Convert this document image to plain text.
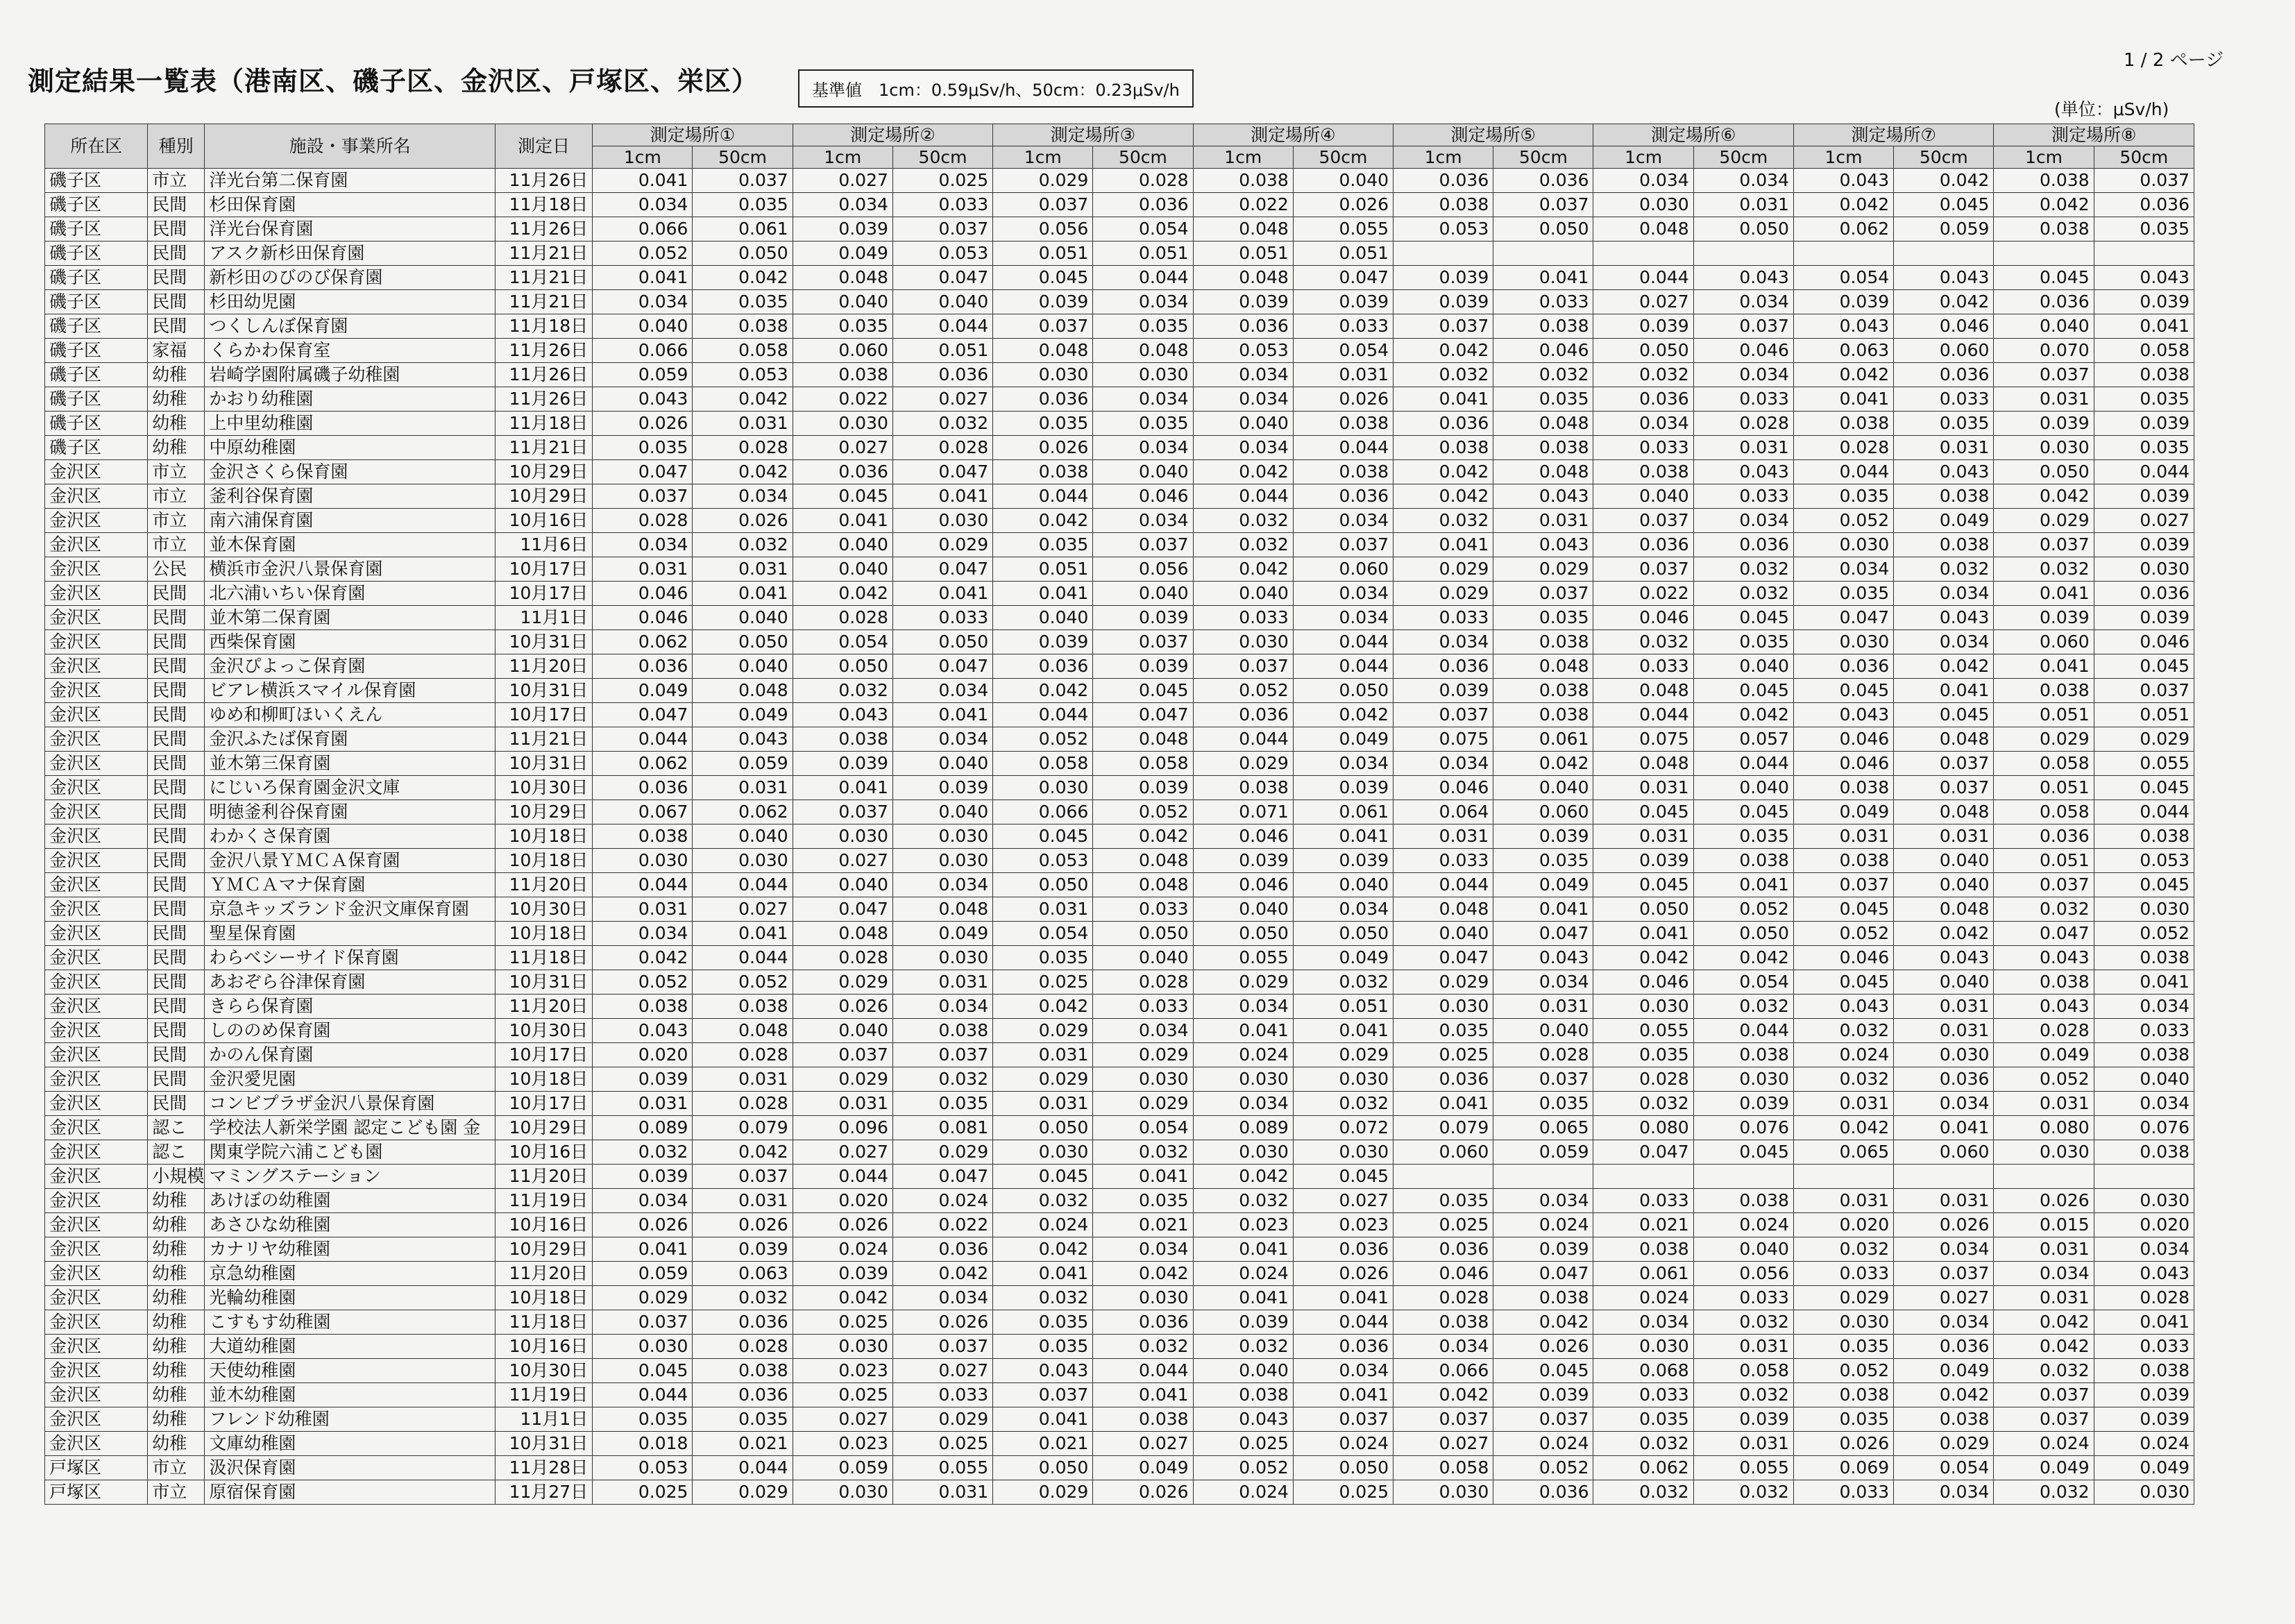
測定結果一覧表（港南区、磯子区、金沢区、戸塚区、栄区）	基準値　1cm：0.59μSv/h、50cm：0.23μSv/h
1 / 2 ページ
(単位：μSv/h)
所在区	種別	施設・事業所名	測定日	測定場所①		測定場所②		測定場所③		測定場所④		測定場所⑤		測定場所⑥		測定場所⑦		測定場所⑧	
				1cm	50cm	1cm	50cm	1cm	50cm	1cm	50cm	1cm	50cm	1cm	50cm	1cm	50cm	1cm	50cm
磯子区	市立	洋光台第二保育園	11月26日	0.041	0.037	0.027	0.025	0.029	0.028	0.038	0.040	0.036	0.036	0.034	0.034	0.043	0.042	0.038	0.037
磯子区	民間	杉田保育園	11月18日	0.034	0.035	0.034	0.033	0.037	0.036	0.022	0.026	0.038	0.037	0.030	0.031	0.042	0.045	0.042	0.036
磯子区	民間	洋光台保育園	11月26日	0.066	0.061	0.039	0.037	0.056	0.054	0.048	0.055	0.053	0.050	0.048	0.050	0.062	0.059	0.038	0.035
磯子区	民間	アスク新杉田保育園	11月21日	0.052	0.050	0.049	0.053	0.051	0.051	0.051	0.051								
磯子区	民間	新杉田のびのび保育園	11月21日	0.041	0.042	0.048	0.047	0.045	0.044	0.048	0.047	0.039	0.041	0.044	0.043	0.054	0.043	0.045	0.043
磯子区	民間	杉田幼児園	11月21日	0.034	0.035	0.040	0.040	0.039	0.034	0.039	0.039	0.039	0.033	0.027	0.034	0.039	0.042	0.036	0.039
磯子区	民間	つくしんぼ保育園	11月18日	0.040	0.038	0.035	0.044	0.037	0.035	0.036	0.033	0.037	0.038	0.039	0.037	0.043	0.046	0.040	0.041
磯子区	家福	くらかわ保育室	11月26日	0.066	0.058	0.060	0.051	0.048	0.048	0.053	0.054	0.042	0.046	0.050	0.046	0.063	0.060	0.070	0.058
磯子区	幼稚	岩崎学園附属磯子幼稚園	11月26日	0.059	0.053	0.038	0.036	0.030	0.030	0.034	0.031	0.032	0.032	0.032	0.034	0.042	0.036	0.037	0.038
磯子区	幼稚	かおり幼稚園	11月26日	0.043	0.042	0.022	0.027	0.036	0.034	0.034	0.026	0.041	0.035	0.036	0.033	0.041	0.033	0.031	0.035
磯子区	幼稚	上中里幼稚園	11月18日	0.026	0.031	0.030	0.032	0.035	0.035	0.040	0.038	0.036	0.048	0.034	0.028	0.038	0.035	0.039	0.039
磯子区	幼稚	中原幼稚園	11月21日	0.035	0.028	0.027	0.028	0.026	0.034	0.034	0.044	0.038	0.038	0.033	0.031	0.028	0.031	0.030	0.035
金沢区	市立	金沢さくら保育園	10月29日	0.047	0.042	0.036	0.047	0.038	0.040	0.042	0.038	0.042	0.048	0.038	0.043	0.044	0.043	0.050	0.044
金沢区	市立	釜利谷保育園	10月29日	0.037	0.034	0.045	0.041	0.044	0.046	0.044	0.036	0.042	0.043	0.040	0.033	0.035	0.038	0.042	0.039
金沢区	市立	南六浦保育園	10月16日	0.028	0.026	0.041	0.030	0.042	0.034	0.032	0.034	0.032	0.031	0.037	0.034	0.052	0.049	0.029	0.027
金沢区	市立	並木保育園	11月6日	0.034	0.032	0.040	0.029	0.035	0.037	0.032	0.037	0.041	0.043	0.036	0.036	0.030	0.038	0.037	0.039
金沢区	公民	横浜市金沢八景保育園	10月17日	0.031	0.031	0.040	0.047	0.051	0.056	0.042	0.060	0.029	0.029	0.037	0.032	0.034	0.032	0.032	0.030
金沢区	民間	北六浦いちい保育園	10月17日	0.046	0.041	0.042	0.041	0.041	0.040	0.040	0.034	0.029	0.037	0.022	0.032	0.035	0.034	0.041	0.036
金沢区	民間	並木第二保育園	11月1日	0.046	0.040	0.028	0.033	0.040	0.039	0.033	0.034	0.033	0.035	0.046	0.045	0.047	0.043	0.039	0.039
金沢区	民間	西柴保育園	10月31日	0.062	0.050	0.054	0.050	0.039	0.037	0.030	0.044	0.034	0.038	0.032	0.035	0.030	0.034	0.060	0.046
金沢区	民間	金沢ぴよっこ保育園	11月20日	0.036	0.040	0.050	0.047	0.036	0.039	0.037	0.044	0.036	0.048	0.033	0.040	0.036	0.042	0.041	0.045
金沢区	民間	ビアレ横浜スマイル保育園	10月31日	0.049	0.048	0.032	0.034	0.042	0.045	0.052	0.050	0.039	0.038	0.048	0.045	0.045	0.041	0.038	0.037
金沢区	民間	ゆめ和柳町ほいくえん	10月17日	0.047	0.049	0.043	0.041	0.044	0.047	0.036	0.042	0.037	0.038	0.044	0.042	0.043	0.045	0.051	0.051
金沢区	民間	金沢ふたば保育園	11月21日	0.044	0.043	0.038	0.034	0.052	0.048	0.044	0.049	0.075	0.061	0.075	0.057	0.046	0.048	0.029	0.029
金沢区	民間	並木第三保育園	10月31日	0.062	0.059	0.039	0.040	0.058	0.058	0.029	0.034	0.034	0.042	0.048	0.044	0.046	0.037	0.058	0.055
金沢区	民間	にじいろ保育園金沢文庫	10月30日	0.036	0.031	0.041	0.039	0.030	0.039	0.038	0.039	0.046	0.040	0.031	0.040	0.038	0.037	0.051	0.045
金沢区	民間	明徳釜利谷保育園	10月29日	0.067	0.062	0.037	0.040	0.066	0.052	0.071	0.061	0.064	0.060	0.045	0.045	0.049	0.048	0.058	0.044
金沢区	民間	わかくさ保育園	10月18日	0.038	0.040	0.030	0.030	0.045	0.042	0.046	0.041	0.031	0.039	0.031	0.035	0.031	0.031	0.036	0.038
金沢区	民間	金沢八景ＹＭＣＡ保育園	10月18日	0.030	0.030	0.027	0.030	0.053	0.048	0.039	0.039	0.033	0.035	0.039	0.038	0.038	0.040	0.051	0.053
金沢区	民間	ＹＭＣＡマナ保育園	11月20日	0.044	0.044	0.040	0.034	0.050	0.048	0.046	0.040	0.044	0.049	0.045	0.041	0.037	0.040	0.037	0.045
金沢区	民間	京急キッズランド金沢文庫保育園	10月30日	0.031	0.027	0.047	0.048	0.031	0.033	0.040	0.034	0.048	0.041	0.050	0.052	0.045	0.048	0.032	0.030
金沢区	民間	聖星保育園	10月18日	0.034	0.041	0.048	0.049	0.054	0.050	0.050	0.050	0.040	0.047	0.041	0.050	0.052	0.042	0.047	0.052
金沢区	民間	わらべシーサイド保育園	11月18日	0.042	0.044	0.028	0.030	0.035	0.040	0.055	0.049	0.047	0.043	0.042	0.042	0.046	0.043	0.043	0.038
金沢区	民間	あおぞら谷津保育園	10月31日	0.052	0.052	0.029	0.031	0.025	0.028	0.029	0.032	0.029	0.034	0.046	0.054	0.045	0.040	0.038	0.041
金沢区	民間	きらら保育園	11月20日	0.038	0.038	0.026	0.034	0.042	0.033	0.034	0.051	0.030	0.031	0.030	0.032	0.043	0.031	0.043	0.034
金沢区	民間	しののめ保育園	10月30日	0.043	0.048	0.040	0.038	0.029	0.034	0.041	0.041	0.035	0.040	0.055	0.044	0.032	0.031	0.028	0.033
金沢区	民間	かのん保育園	10月17日	0.020	0.028	0.037	0.037	0.031	0.029	0.024	0.029	0.025	0.028	0.035	0.038	0.024	0.030	0.049	0.038
金沢区	民間	金沢愛児園	10月18日	0.039	0.031	0.029	0.032	0.029	0.030	0.030	0.030	0.036	0.037	0.028	0.030	0.032	0.036	0.052	0.040
金沢区	民間	コンビプラザ金沢八景保育園	10月17日	0.031	0.028	0.031	0.035	0.031	0.029	0.034	0.032	0.041	0.035	0.032	0.039	0.031	0.034	0.031	0.034
金沢区	認こ	学校法人新栄学園 認定こども園 金	10月29日	0.089	0.079	0.096	0.081	0.050	0.054	0.089	0.072	0.079	0.065	0.080	0.076	0.042	0.041	0.080	0.076
金沢区	認こ	関東学院六浦こども園	10月16日	0.032	0.042	0.027	0.029	0.030	0.032	0.030	0.030	0.060	0.059	0.047	0.045	0.065	0.060	0.030	0.038
金沢区	小規模	マミングステーション	11月20日	0.039	0.037	0.044	0.047	0.045	0.041	0.042	0.045								
金沢区	幼稚	あけぼの幼稚園	11月19日	0.034	0.031	0.020	0.024	0.032	0.035	0.032	0.027	0.035	0.034	0.033	0.038	0.031	0.031	0.026	0.030
金沢区	幼稚	あさひな幼稚園	10月16日	0.026	0.026	0.026	0.022	0.024	0.021	0.023	0.023	0.025	0.024	0.021	0.024	0.020	0.026	0.015	0.020
金沢区	幼稚	カナリヤ幼稚園	10月29日	0.041	0.039	0.024	0.036	0.042	0.034	0.041	0.036	0.036	0.039	0.038	0.040	0.032	0.034	0.031	0.034
金沢区	幼稚	京急幼稚園	11月20日	0.059	0.063	0.039	0.042	0.041	0.042	0.024	0.026	0.046	0.047	0.061	0.056	0.033	0.037	0.034	0.043
金沢区	幼稚	光輪幼稚園	10月18日	0.029	0.032	0.042	0.034	0.032	0.030	0.041	0.041	0.028	0.038	0.024	0.033	0.029	0.027	0.031	0.028
金沢区	幼稚	こすもす幼稚園	11月18日	0.037	0.036	0.025	0.026	0.035	0.036	0.039	0.044	0.038	0.042	0.034	0.032	0.030	0.034	0.042	0.041
金沢区	幼稚	大道幼稚園	10月16日	0.030	0.028	0.030	0.037	0.035	0.032	0.032	0.036	0.034	0.026	0.030	0.031	0.035	0.036	0.042	0.033
金沢区	幼稚	天使幼稚園	10月30日	0.045	0.038	0.023	0.027	0.043	0.044	0.040	0.034	0.066	0.045	0.068	0.058	0.052	0.049	0.032	0.038
金沢区	幼稚	並木幼稚園	11月19日	0.044	0.036	0.025	0.033	0.037	0.041	0.038	0.041	0.042	0.039	0.033	0.032	0.038	0.042	0.037	0.039
金沢区	幼稚	フレンド幼稚園	11月1日	0.035	0.035	0.027	0.029	0.041	0.038	0.043	0.037	0.037	0.037	0.035	0.039	0.035	0.038	0.037	0.039
金沢区	幼稚	文庫幼稚園	10月31日	0.018	0.021	0.023	0.025	0.021	0.027	0.025	0.024	0.027	0.024	0.032	0.031	0.026	0.029	0.024	0.024
戸塚区	市立	汲沢保育園	11月28日	0.053	0.044	0.059	0.055	0.050	0.049	0.052	0.050	0.058	0.052	0.062	0.055	0.069	0.054	0.049	0.049
戸塚区	市立	原宿保育園	11月27日	0.025	0.029	0.030	0.031	0.029	0.026	0.024	0.025	0.030	0.036	0.032	0.032	0.033	0.034	0.032	0.030
